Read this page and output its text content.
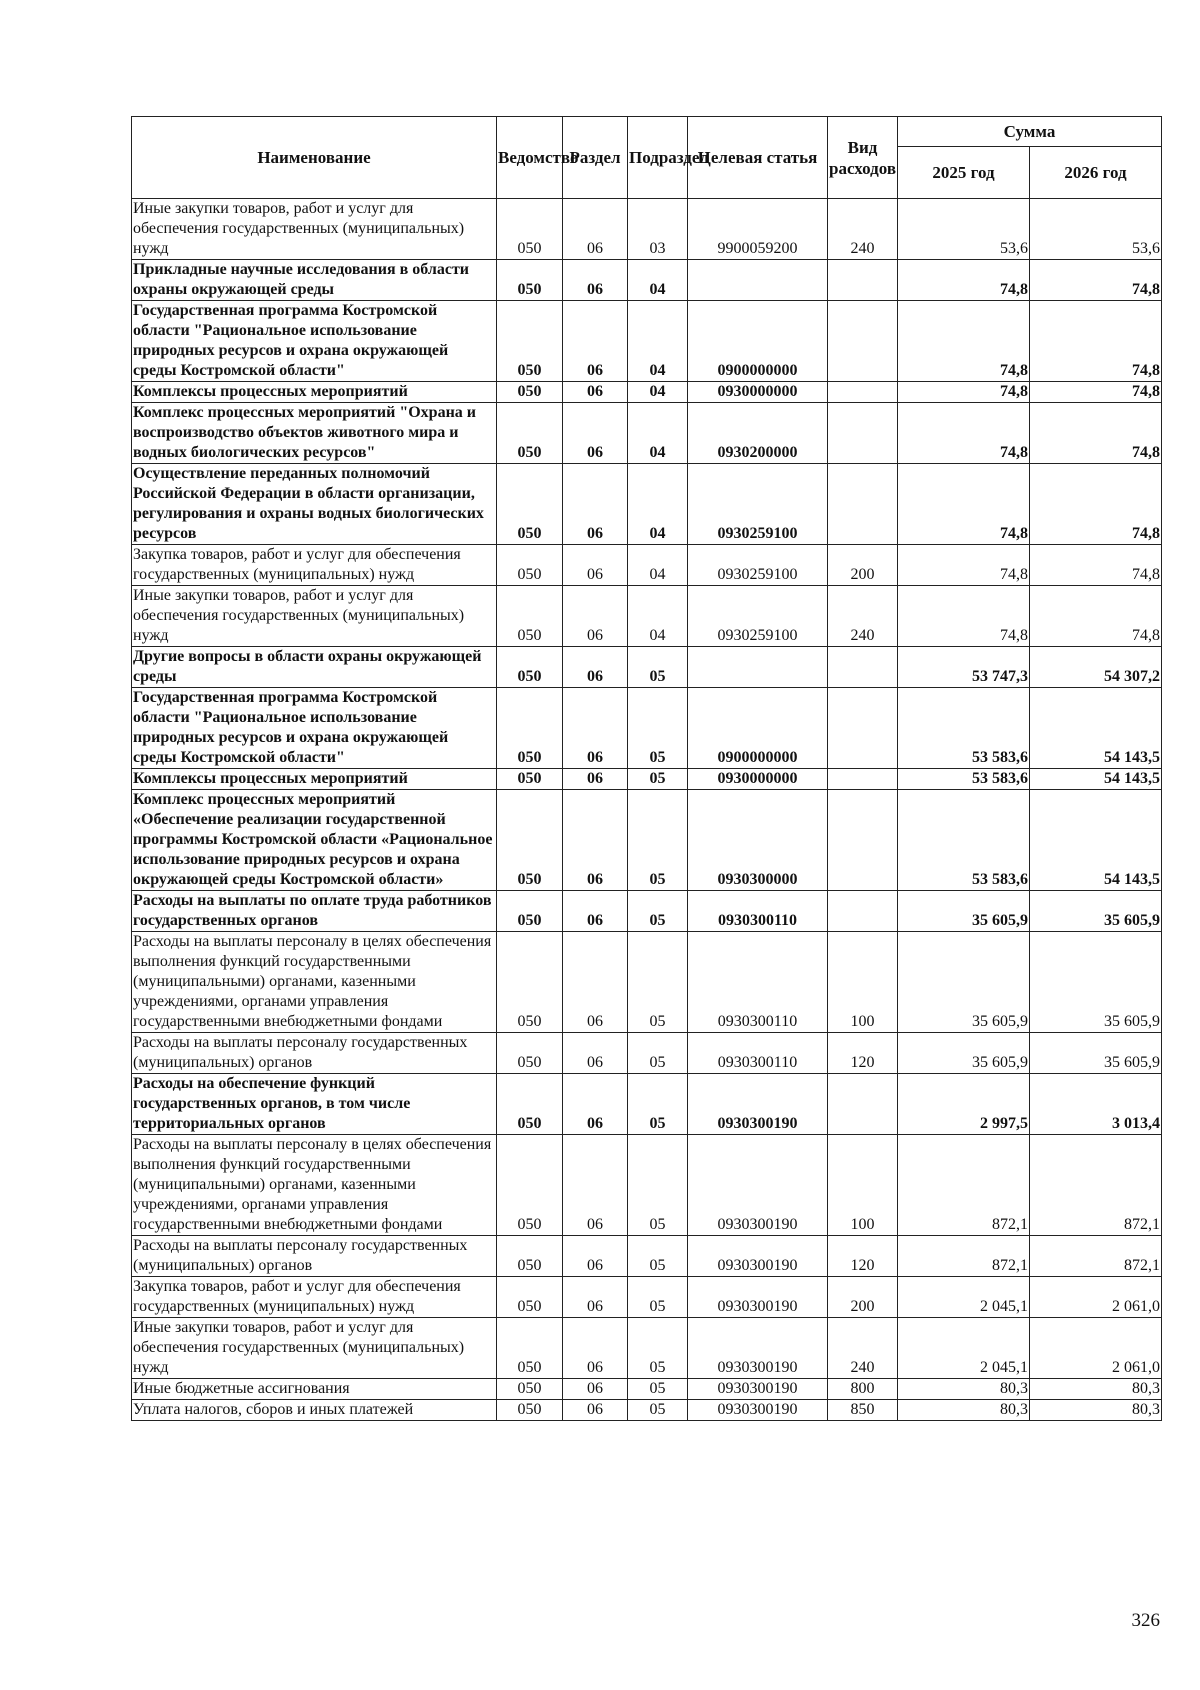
Наименование	Ведомство	Раздел	Подраздел	Целевая статья	Вид расходов	Сумма	
						2025 год	2026 год
Иные закупки товаров, работ и услуг для обеспечения государственных (муниципальных) нужд	050	06	03	9900059200	240	53,6	53,6
Прикладные научные исследования в области охраны окружающей среды	050	06	04			74,8	74,8
Государственная программа Костромской области "Рациональное использование природных ресурсов и охрана окружающей среды Костромской области"	050	06	04	0900000000		74,8	74,8
Комплексы процессных мероприятий	050	06	04	0930000000		74,8	74,8
Комплекс процессных мероприятий "Охрана и воспроизводство объектов животного мира и водных биологических ресурсов"	050	06	04	0930200000		74,8	74,8
Осуществление переданных полномочий Российской Федерации в области организации, регулирования и охраны водных биологических ресурсов	050	06	04	0930259100		74,8	74,8
Закупка товаров, работ и услуг для обеспечения государственных (муниципальных) нужд	050	06	04	0930259100	200	74,8	74,8
Иные закупки товаров, работ и услуг для обеспечения государственных (муниципальных) нужд	050	06	04	0930259100	240	74,8	74,8
Другие вопросы в области охраны окружающей среды	050	06	05			53 747,3	54 307,2
Государственная программа Костромской области "Рациональное использование природных ресурсов и охрана окружающей среды Костромской области"	050	06	05	0900000000		53 583,6	54 143,5
Комплексы процессных мероприятий	050	06	05	0930000000		53 583,6	54 143,5
Комплекс процессных мероприятий «Обеспечение реализации государственной программы Костромской области «Рациональное использование природных ресурсов и охрана окружающей среды Костромской области»	050	06	05	0930300000		53 583,6	54 143,5
Расходы на выплаты по оплате труда работников государственных органов	050	06	05	0930300110		35 605,9	35 605,9
Расходы на выплаты персоналу в целях обеспечения выполнения функций государственными (муниципальными) органами, казенными учреждениями, органами управления государственными внебюджетными фондами	050	06	05	0930300110	100	35 605,9	35 605,9
Расходы на выплаты персоналу государственных (муниципальных) органов	050	06	05	0930300110	120	35 605,9	35 605,9
Расходы на обеспечение функций государственных органов, в том числе территориальных органов	050	06	05	0930300190		2 997,5	3 013,4
Расходы на выплаты персоналу в целях обеспечения выполнения функций государственными (муниципальными) органами, казенными учреждениями, органами управления государственными внебюджетными фондами	050	06	05	0930300190	100	872,1	872,1
Расходы на выплаты персоналу государственных (муниципальных) органов	050	06	05	0930300190	120	872,1	872,1
Закупка товаров, работ и услуг для обеспечения государственных (муниципальных) нужд	050	06	05	0930300190	200	2 045,1	2 061,0
Иные закупки товаров, работ и услуг для обеспечения государственных (муниципальных) нужд	050	06	05	0930300190	240	2 045,1	2 061,0
Иные бюджетные ассигнования	050	06	05	0930300190	800	80,3	80,3
Уплата налогов, сборов и иных платежей	050	06	05	0930300190	850	80,3	80,3
326
